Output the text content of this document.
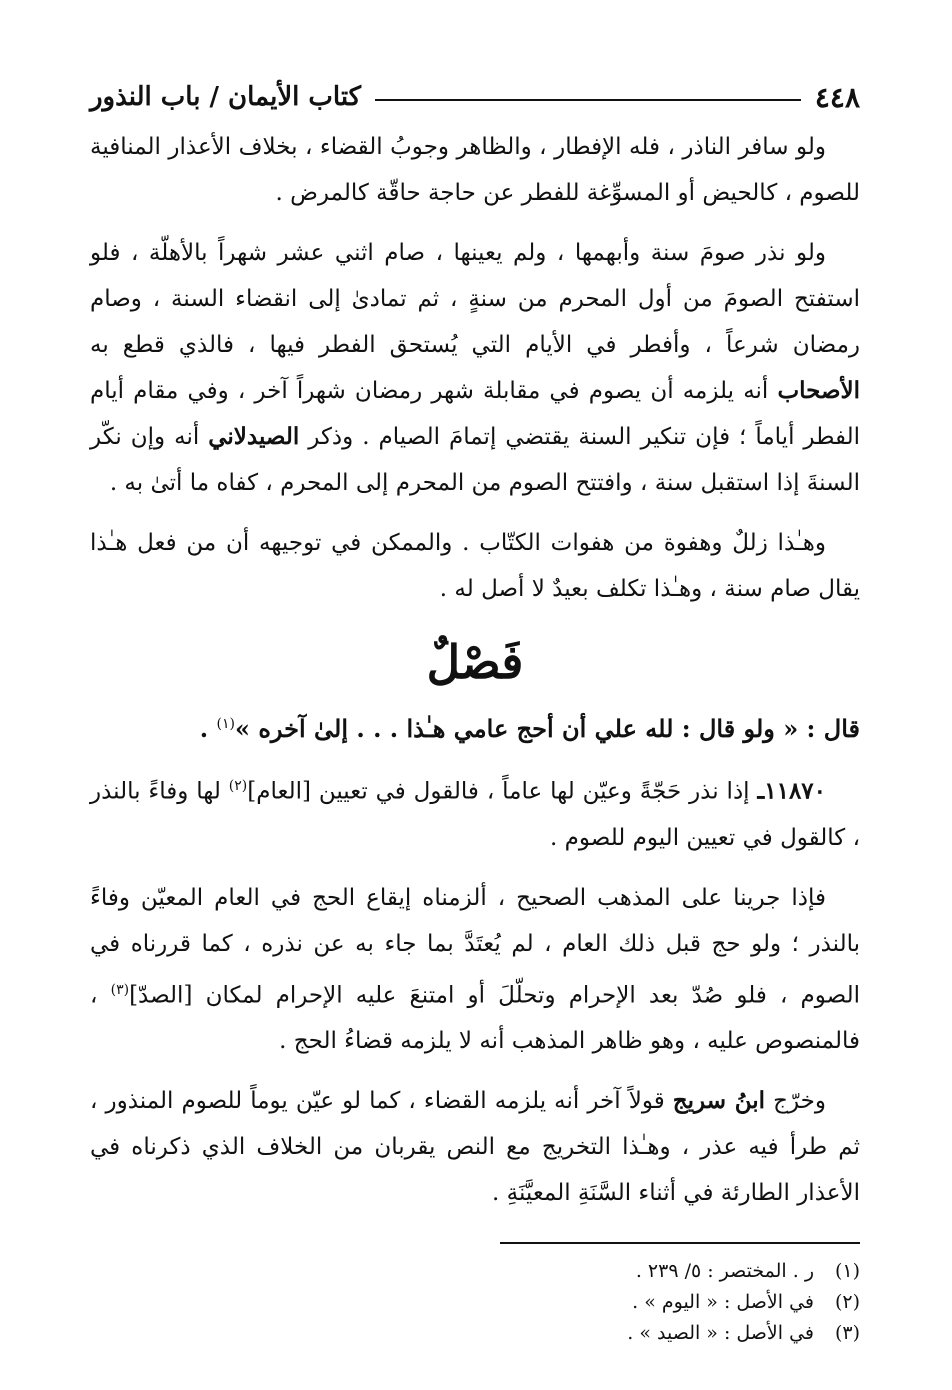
٤٤٨
كتاب الأيمان / باب النذور

ولو سافر الناذر ، فله الإفطار ، والظاهر وجوبُ القضاء ، بخلاف الأعذار المنافية للصوم ، كالحيض أو المسوِّغة للفطر عن حاجة حاقّة كالمرض .

ولو نذر صومَ سنة وأبهمها ، ولم يعينها ، صام اثني عشر شهراً بالأهلّة ، فلو استفتح الصومَ من أول المحرم من سنةٍ ، ثم تمادىٰ إلى انقضاء السنة ، وصام رمضان شرعاً ، وأفطر في الأيام التي يُستحق الفطر فيها ، فالذي قطع به الأصحاب أنه يلزمه أن يصوم في مقابلة شهر رمضان شهراً آخر ، وفي مقام أيام الفطر أياماً ؛ فإن تنكير السنة يقتضي إتمامَ الصيام . وذكر الصيدلاني أنه وإن نكّر السنةَ إذا استقبل سنة ، وافتتح الصوم من المحرم إلى المحرم ، كفاه ما أتىٰ به .

وهـٰذا زللٌ وهفوة من هفوات الكتّاب . والممكن في توجيهه أن من فعل هـٰذا يقال صام سنة ، وهـٰذا تكلف بعيدٌ لا أصل له .

فَصْلٌ

قال : « ولو قال : لله علي أن أحج عامي هـٰذا . . . إلىٰ آخره »$^{(١)}$ .

١١٨٧٠ـ إذا نذر حَجّةً وعيّن لها عاماً ، فالقول في تعيين [العام]$^{(٢)}$ لها وفاءً بالنذر ، كالقول في تعيين اليوم للصوم .

فإذا جرينا على المذهب الصحيح ، ألزمناه إيقاع الحج في العام المعيّن وفاءً بالنذر ؛ ولو حج قبل ذلك العام ، لم يُعتَدَّ بما جاء به عن نذره ، كما قررناه في الصوم ، فلو صُدّ بعد الإحرام وتحلّلَ أو امتنعَ عليه الإحرام لمكان [الصدّ]$^{(٣)}$ ، فالمنصوص عليه ، وهو ظاهر المذهب أنه لا يلزمه قضاءُ الحج .

وخرّج ابنُ سريج قولاً آخر أنه يلزمه القضاء ، كما لو عيّن يوماً للصوم المنذور ، ثم طرأ فيه عذر ، وهـٰذا التخريج مع النص يقربان من الخلاف الذي ذكرناه في الأعذار الطارئة في أثناء السَّنَةِ المعيَّنَةِ .

(١)
ر . المختصر : ٥/ ٢٣٩ .
(٢)
في الأصل : « اليوم » .
(٣)
في الأصل : « الصيد » .
